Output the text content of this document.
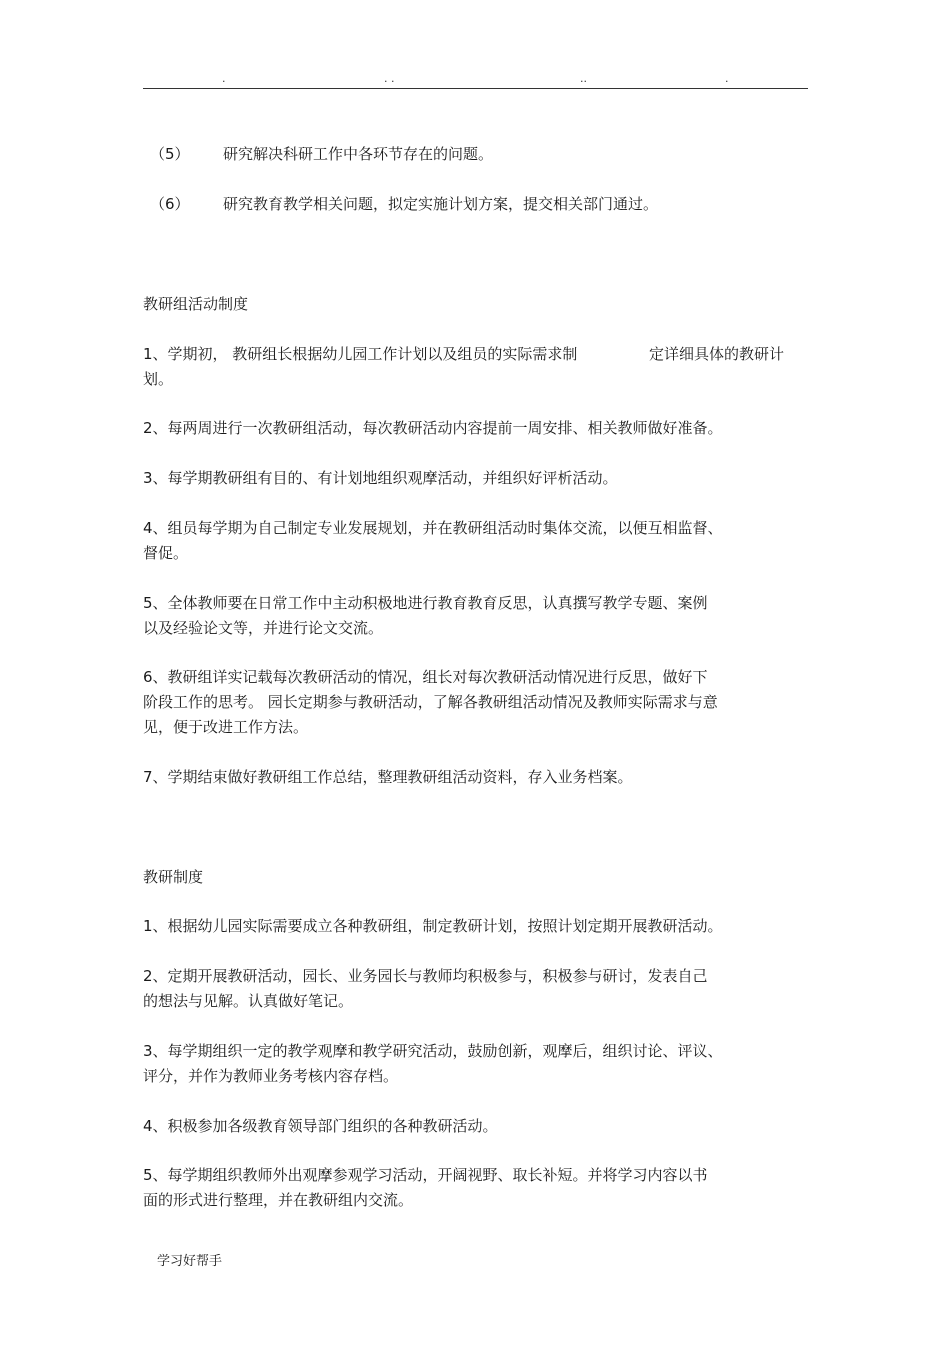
.	. .	..	.
（5） 研究解决科研工作中各环节存在的问题。
（6） 研究教育教学相关问题，拟定实施计划方案，提交相关部门通过。
教研组活动制度
1、学期初， 教研组长根据幼儿园工作计划以及组员的实际需求制	定详细具体的教研计
划。
2、每两周进行一次教研组活动，每次教研活动内容提前一周安排、相关教师做好准备。
3、每学期教研组有目的、有计划地组织观摩活动，并组织好评析活动。
4、组员每学期为自己制定专业发展规划，并在教研组活动时集体交流，以便互相监督、
督促。
5、全体教师要在日常工作中主动积极地进行教育教育反思，认真撰写教学专题、案例
以及经验论文等，并进行论文交流。
6、教研组详实记载每次教研活动的情况，组长对每次教研活动情况进行反思，做好下
阶段工作的思考。 园长定期参与教研活动，了解各教研组活动情况及教师实际需求与意
见，便于改进工作方法。
7、学期结束做好教研组工作总结，整理教研组活动资料，存入业务档案。
教研制度
1、根据幼儿园实际需要成立各种教研组，制定教研计划，按照计划定期开展教研活动。
2、定期开展教研活动，园长、业务园长与教师均积极参与，积极参与研讨，发表自己
的想法与见解。认真做好笔记。
3、每学期组织一定的教学观摩和教学研究活动，鼓励创新，观摩后，组织讨论、评议、
评分，并作为教师业务考核内容存档。
4、积极参加各级教育领导部门组织的各种教研活动。
5、每学期组织教师外出观摩参观学习活动，开阔视野、取长补短。并将学习内容以书
面的形式进行整理，并在教研组内交流。
学习好帮手
